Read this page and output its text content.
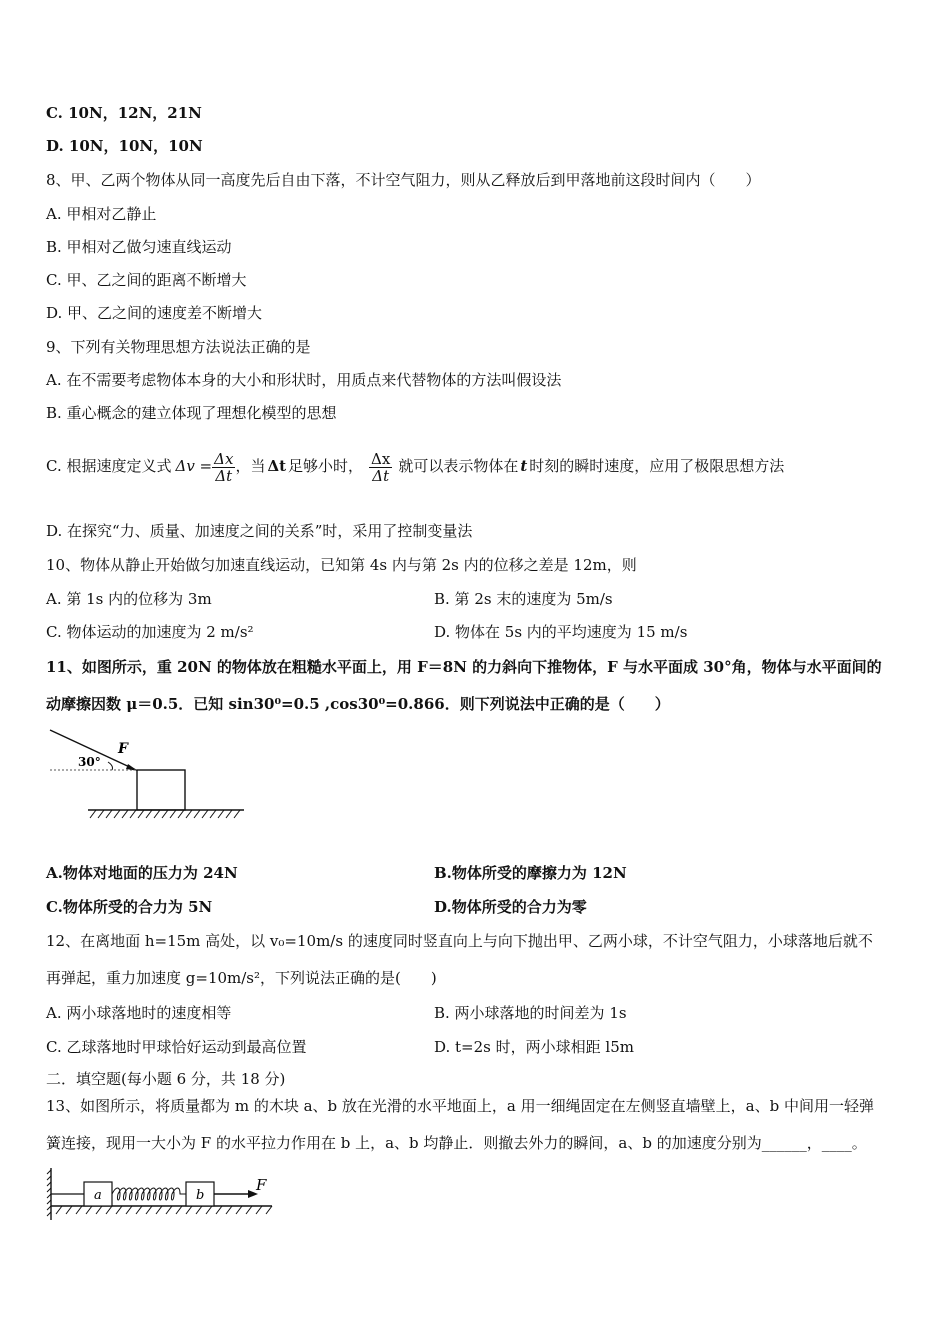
C. 10N，12N，21N
D. 10N，10N，10N
8、甲、乙两个物体从同一高度先后自由下落，不计空气阻力，则从乙释放后到甲落地前这段时间内（　　）
A. 甲相对乙静止
B. 甲相对乙做匀速直线运动
C. 甲、乙之间的距离不断增大
D. 甲、乙之间的速度差不断增大
9、下列有关物理思想方法说法正确的是
A. 在不需要考虑物体本身的大小和形状时，用质点来代替物体的方法叫假设法
B. 重心概念的建立体现了理想化模型的思想
C. 根据速度定义式 $\Delta v = \frac{\Delta x}{\Delta t}$ ，当 Δt 足够小时， $\frac{\Delta x}{\Delta t}$ 就可以表示物体在 t 时刻的瞬时速度，应用了极限思想方法
D. 在探究“力、质量、加速度之间的关系”时，采用了控制变量法
10、物体从静止开始做匀加速直线运动，已知第 4s 内与第 2s 内的位移之差是 12m，则
A. 第 1s 内的位移为 3m	B. 第 2s 末的速度为 5m/s
C. 物体运动的加速度为 2 m/s²	D. 物体在 5s 内的平均速度为 15 m/s
11、如图所示，重 20N 的物体放在粗糙水平面上，用 F＝8N 的力斜向下推物体，F 与水平面成 30°角，物体与水平面间的
动摩擦因数 μ＝0.5．已知 sin30⁰=0.5 ,cos30⁰=0.866．则下列说法中正确的是（　　）
30°
F
A.物体对地面的压力为 24N	B.物体所受的摩擦力为 12N
C.物体所受的合力为 5N	D.物体所受的合力为零
12、在离地面 h=15m 高处，以 v₀=10m/s 的速度同时竖直向上与向下抛出甲、乙两小球，不计空气阻力，小球落地后就不
再弹起，重力加速度 g=10m/s²，下列说法正确的是(　　)
A. 两小球落地时的速度相等	B. 两小球落地的时间差为 1s
C. 乙球落地时甲球恰好运动到最高位置	D. t=2s 时，两小球相距 l5m
二．填空题(每小题 6 分，共 18 分)
13、如图所示，将质量都为 m 的木块 a、b 放在光滑的水平地面上，a 用一细绳固定在左侧竖直墙壁上，a、b 中间用一轻弹
簧连接，现用一大小为 F 的水平拉力作用在 b 上，a、b 均静止．则撤去外力的瞬间，a、b 的加速度分别为______，____。
a	b
F
